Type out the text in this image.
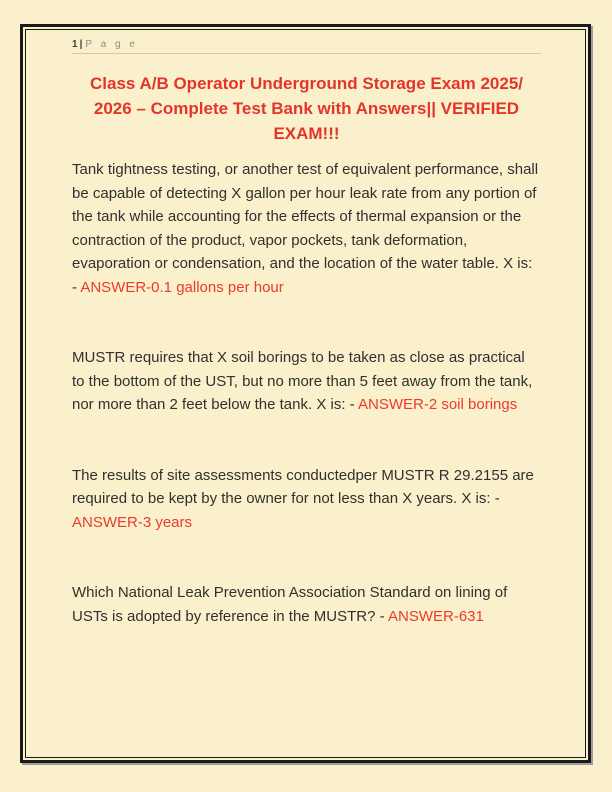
1 | P a g e
Class A/B Operator Underground Storage Exam 2025/ 2026 – Complete Test Bank with Answers|| VERIFIED EXAM!!!

Tank tightness testing, or another test of equivalent performance, shall be capable of detecting X gallon per hour leak rate from any portion of the tank while accounting for the effects of thermal expansion or the contraction of the product, vapor pockets, tank deformation, evaporation or condensation, and the location of the water table. X is: - ANSWER-0.1 gallons per hour

MUSTR requires that X soil borings to be taken as close as practical to the bottom of the UST, but no more than 5 feet away from the tank, nor more than 2 feet below the tank. X is: - ANSWER-2 soil borings

The results of site assessments conductedper MUSTR R 29.2155 are required to be kept by the owner for not less than X years. X is: - ANSWER-3 years

Which National Leak Prevention Association Standard on lining of USTs is adopted by reference in the MUSTR? - ANSWER-631
